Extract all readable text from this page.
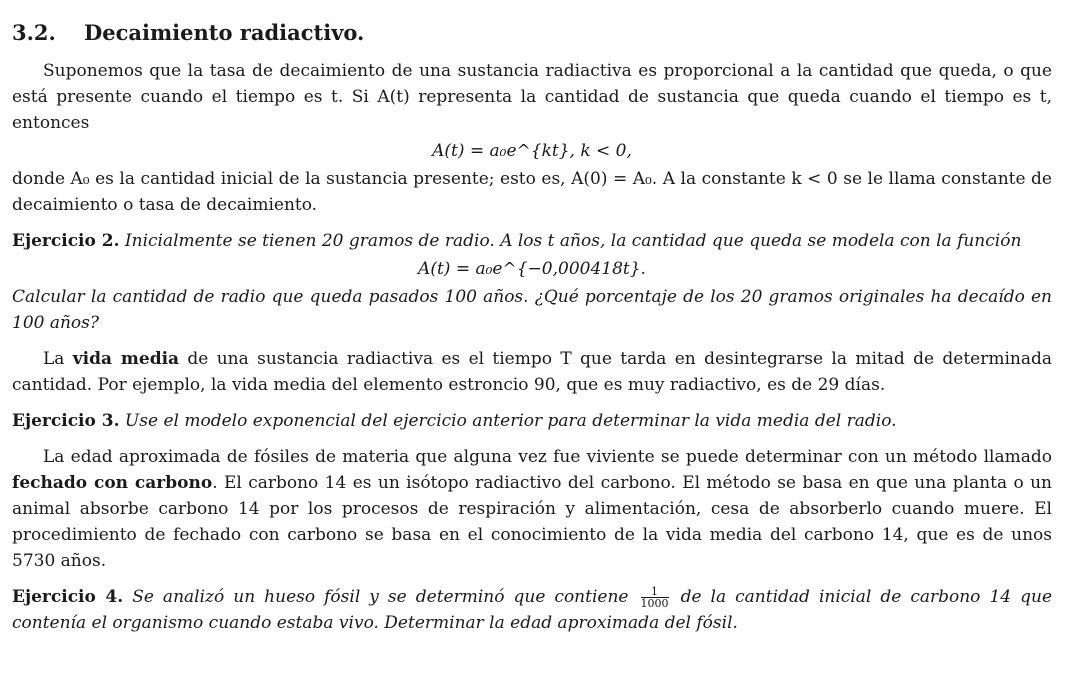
3.2. Decaimiento radiactivo.

Suponemos que la tasa de decaimiento de una sustancia radiactiva es proporcional a la cantidad que queda, o que está presente cuando el tiempo es t. Si A(t) representa la cantidad de sustancia que queda cuando el tiempo es t, entonces

A(t) = a₀e^{kt}, k < 0,

donde A₀ es la cantidad inicial de la sustancia presente; esto es, A(0) = A₀. A la constante k < 0 se le llama constante de decaimiento o tasa de decaimiento.

Ejercicio 2. Inicialmente se tienen 20 gramos de radio. A los t años, la cantidad que queda se modela con la función

A(t) = a₀e^{−0,000418t}.

Calcular la cantidad de radio que queda pasados 100 años. ¿Qué porcentaje de los 20 gramos originales ha decaído en 100 años?

La vida media de una sustancia radiactiva es el tiempo T que tarda en desintegrarse la mitad de determinada cantidad. Por ejemplo, la vida media del elemento estroncio 90, que es muy radiactivo, es de 29 días.

Ejercicio 3. Use el modelo exponencial del ejercicio anterior para determinar la vida media del radio.

La edad aproximada de fósiles de materia que alguna vez fue viviente se puede determinar con un método llamado fechado con carbono. El carbono 14 es un isótopo radiactivo del carbono. El método se basa en que una planta o un animal absorbe carbono 14 por los procesos de respiración y alimentación, cesa de absorberlo cuando muere. El procedimiento de fechado con carbono se basa en el conocimiento de la vida media del carbono 14, que es de unos 5730 años.

Ejercicio 4. Se analizó un hueso fósil y se determinó que contiene $\frac{1}{1000}$ de la cantidad inicial de carbono 14 que contenía el organismo cuando estaba vivo. Determinar la edad aproximada del fósil.
